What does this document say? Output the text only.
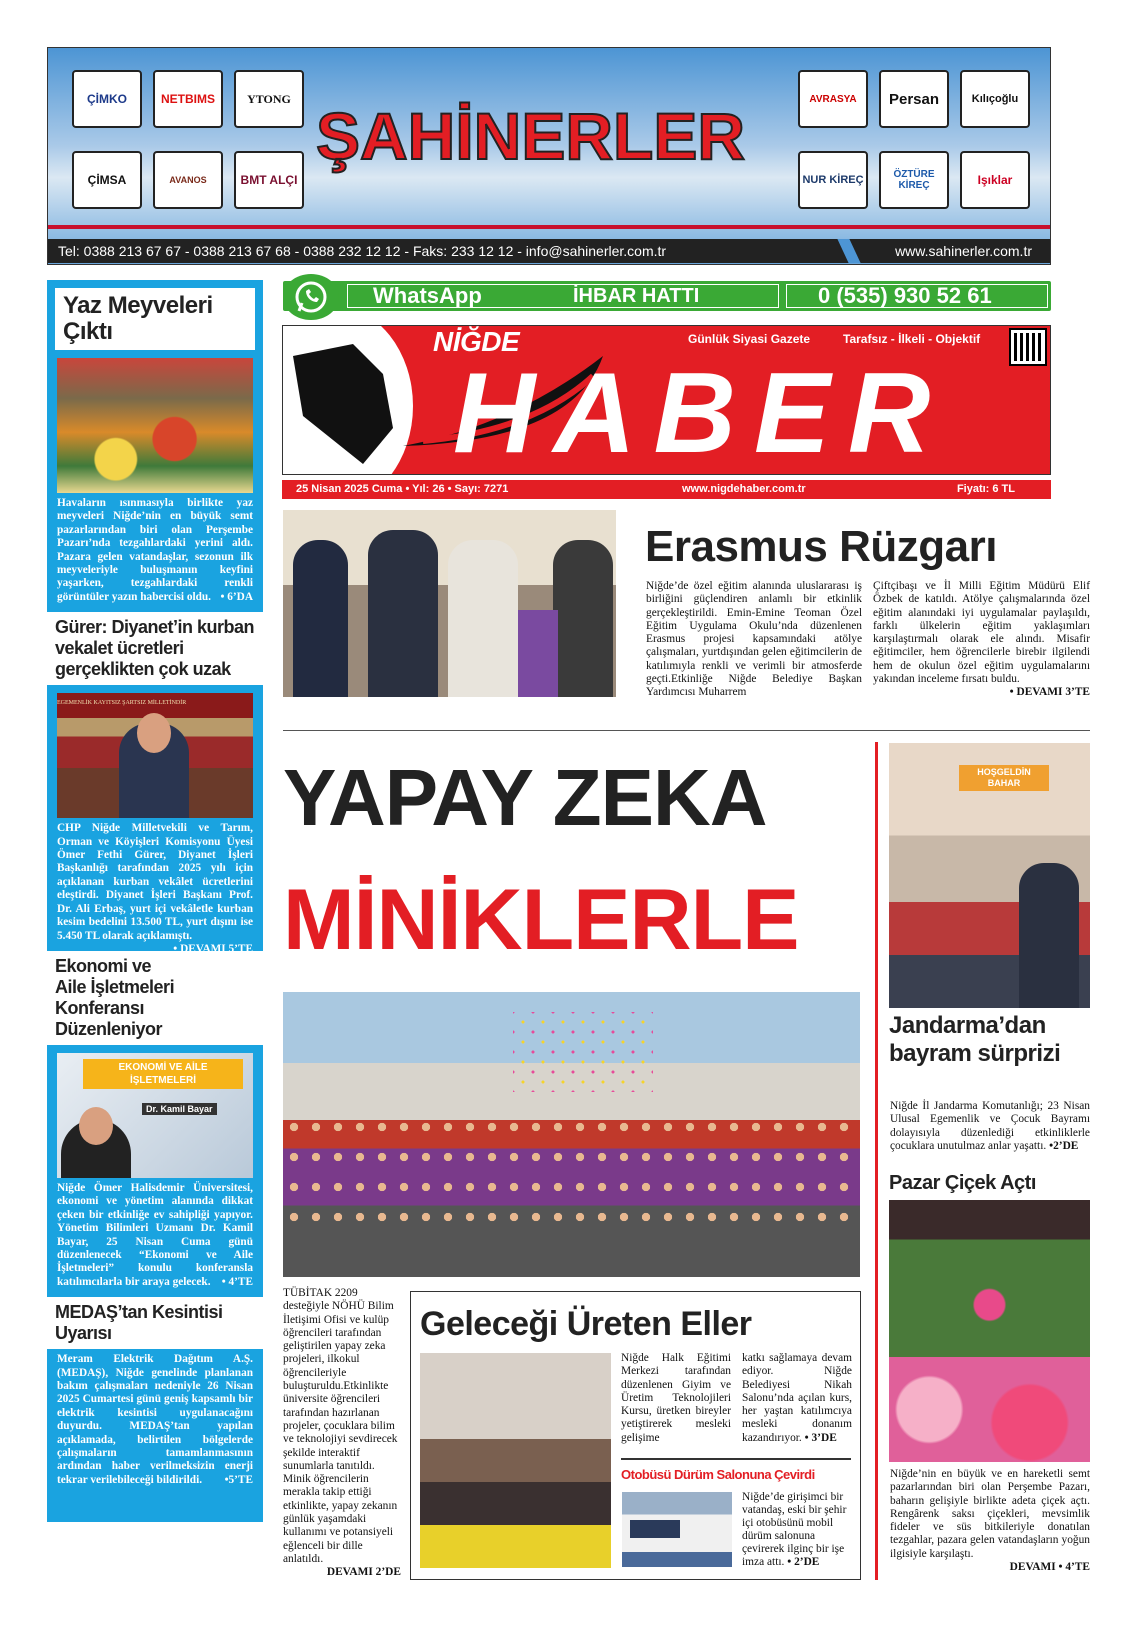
ÇİMKO	NETBIMS	YTONG
ÇİMSA	AVANOS	BMT ALÇI
ŞAHİNERLER	AVRASYA	Persan	Kılıçoğlu
NUR KİREÇ	ÖZTÜRE KİREÇ	Işıklar
Tel: 0388 213 67 67 - 0388 213 67 68 - 0388 232 12 12 - Faks: 233 12 12 - info@sahinerler.com.tr	www.sahinerler.com.tr
Yaz Meyveleri Çıktı
Havaların ısınmasıyla birlikte yaz meyveleri Niğde’nin en büyük semt pazarlarından biri olan Perşembe Pazarı’nda tezgahlardaki yerini aldı. Pazara gelen vatandaşlar, sezonun ilk meyveleriyle buluşmanın keyfini yaşarken, tezgahlardaki renkli görüntüler yazın habercisi oldu. • 6’DA
Gürer: Diyanet’in kurban vekalet ücretleri gerçeklikten çok uzak
EGEMENLİK KAYITSIZ ŞARTSIZ MİLLETİNDİR
CHP Niğde Milletvekili ve Tarım, Orman ve Köyişleri Komisyonu Üyesi Ömer Fethi Gürer, Diyanet İşleri Başkanlığı tarafından 2025 yılı için açıklanan kurban vekâlet ücretlerini eleştirdi. Diyanet İşleri Başkanı Prof. Dr. Ali Erbaş, yurt içi vekâletle kurban kesim bedelini 13.500 TL, yurt dışını ise 5.450 TL olarak açıklamıştı.
• DEVAMI 5’TE
Ekonomi ve Aile İşletmeleri Konferansı Düzenleniyor
EKONOMİ VE AİLE İŞLETMELERİ
Dr. Kamil Bayar
Niğde Ömer Halisdemir Üniversitesi, ekonomi ve yönetim alanında dikkat çeken bir etkinliğe ev sahipliği yapıyor. Yönetim Bilimleri Uzmanı Dr. Kamil Bayar, 25 Nisan Cuma günü düzenlenecek “Ekonomi ve Aile İşletmeleri” konulu konferansla katılımcılarla bir araya gelecek. • 4’TE
MEDAŞ’tan Kesintisi Uyarısı
Meram Elektrik Dağıtım A.Ş. (MEDAŞ), Niğde genelinde planlanan bakım çalışmaları nedeniyle 26 Nisan 2025 Cumartesi günü geniş kapsamlı bir elektrik kesintisi uygulanacağını duyurdu. MEDAŞ’tan yapılan açıklamada, belirtilen bölgelerde çalışmaların tamamlanmasının ardından haber verilmeksizin enerji tekrar verilebileceği bildirildi. •5’TE
WhatsApp	İHBAR HATTI	0 (535) 930 52 61
NİĞDE
HABER
Günlük Siyasi Gazete	Tarafsız - İlkeli - Objektif
25 Nisan 2025 Cuma • Yıl: 26 • Sayı: 7271	www.nigdehaber.com.tr	Fiyatı: 6 TL
Erasmus Rüzgarı
Niğde’de özel eğitim alanında uluslararası iş birliğini güçlendiren anlamlı bir etkinlik gerçekleştirildi. Emin-Emine Teoman Özel Eğitim Uygulama Okulu’nda düzenlenen Erasmus projesi kapsamındaki atölye çalışmaları, yurtdışından gelen eğitimcilerin de katılımıyla renkli ve verimli bir atmosferde geçti.Etkinliğe Niğde Belediye Başkan Yardımcısı Muharrem
Çiftçibaşı ve İl Milli Eğitim Müdürü Elif Özbek de katıldı. Atölye çalışmalarında özel eğitim alanındaki iyi uygulamalar paylaşıldı, farklı ülkelerin eğitim yaklaşımları karşılaştırmalı olarak ele alındı. Misafir eğitimciler, hem öğrencilerle birebir ilgilendi hem de okulun özel eğitim uygulamalarını yakından inceleme fırsatı buldu.
• DEVAMI 3’TE
YAPAY ZEKA
MİNİKLERLE
TÜBİTAK 2209 desteğiyle NÖHÜ Bilim İletişimi Ofisi ve kulüp öğrencileri tarafından geliştirilen yapay zeka projeleri, ilkokul öğrencileriyle buluşturuldu.Etkinlikte üniversite öğrencileri tarafından hazırlanan projeler, çocuklara bilim ve teknolojiyi sevdirecek şekilde interaktif sunumlarla tanıtıldı. Minik öğrencilerin merakla takip ettiği etkinlikte, yapay zekanın günlük yaşamdaki kullanımı ve potansiyeli eğlenceli bir dille anlatıldı.
DEVAMI 2’DE
Geleceği Üreten Eller
Niğde Halk Eğitimi Merkezi tarafından düzenlenen Giyim ve Üretim Teknolojileri Kursu, üretken bireyler yetiştirerek mesleki gelişime
katkı sağlamaya devam ediyor. Niğde Belediyesi Nikah Salonu’nda açılan kurs, her yaştan katılımcıya mesleki donanım kazandırıyor. • 3’DE
Otobüsü Dürüm Salonuna Çevirdi
Niğde’de girişimci bir vatandaş, eski bir şehir içi otobüsünü mobil dürüm salonuna çevirerek ilginç bir işe imza attı. • 2’DE
HOŞGELDİN BAHAR
Jandarma’dan bayram sürprizi
Niğde İl Jandarma Komutanlığı; 23 Nisan Ulusal Egemenlik ve Çocuk Bayramı dolayısıyla düzenlediği etkinliklerle çocuklara unutulmaz anlar yaşattı. •2’DE
Pazar Çiçek Açtı
Niğde’nin en büyük ve en hareketli semt pazarlarından biri olan Perşembe Pazarı, baharın gelişiyle birlikte adeta çiçek açtı. Rengârenk saksı çiçekleri, mevsimlik fideler ve süs bitkileriyle donatılan tezgahlar, pazara gelen vatandaşların yoğun ilgisiyle karşılaştı.
DEVAMI • 4’TE
